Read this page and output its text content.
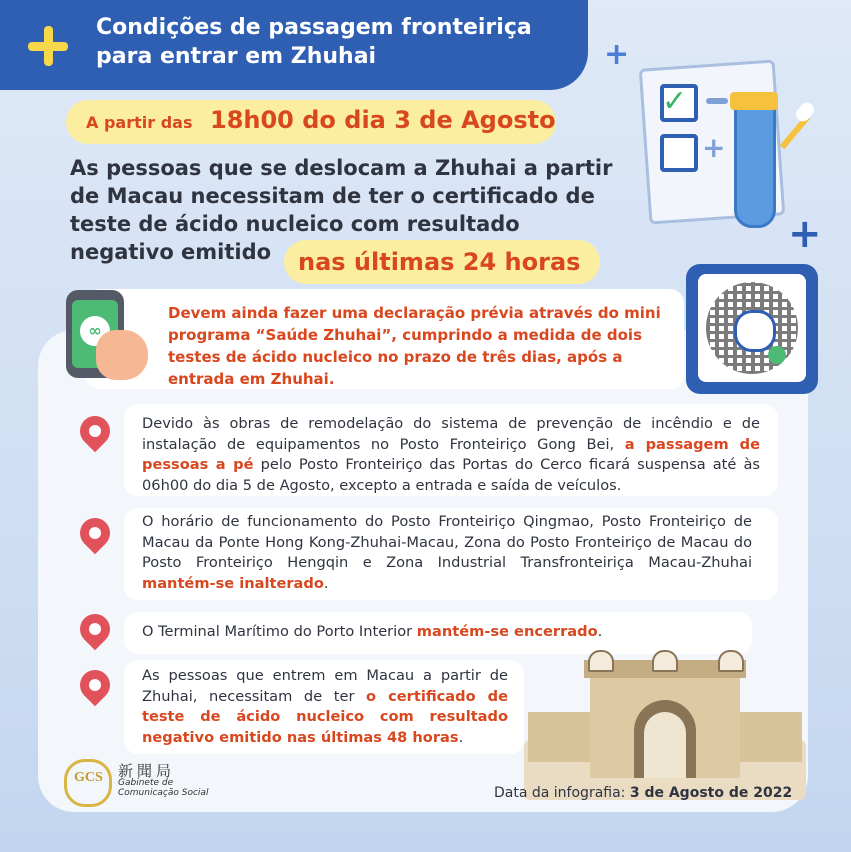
Condições de passagem fronteiriça
para entrar em Zhuhai	+
+
✓
+
A partir das 18h00 do dia 3 de Agosto
As pessoas que se deslocam a Zhuhai a partir de Macau necessitam de ter o certificado de teste de ácido nucleico com resultado negativo emitido	nas últimas 24 horas
Devem ainda fazer uma declaração prévia através do mini programa “Saúde Zhuhai”, cumprindo a medida de dois testes de ácido nucleico no prazo de três dias, após a entrada em Zhuhai.
∞
Devido às obras de remodelação do sistema de prevenção de incêndio e de instalação de equipamentos no Posto Fronteiriço Gong Bei, a passagem de pessoas a pé pelo Posto Fronteiriço das Portas do Cerco ficará suspensa até às 06h00 do dia 5 de Agosto, excepto a entrada e saída de veículos.
O horário de funcionamento do Posto Fronteiriço Qingmao, Posto Fronteiriço de Macau da Ponte Hong Kong-Zhuhai-Macau, Zona do Posto Fronteiriço de Macau do Posto Fronteiriço Hengqin e Zona Industrial Transfronteiriça Macau-Zhuhai mantém-se inalterado.
O Terminal Marítimo do Porto Interior mantém-se encerrado.
As pessoas que entrem em Macau a partir de Zhuhai, necessitam de ter o certificado de teste de ácido nucleico com resultado negativo emitido nas últimas 48 horas.
GCS 新聞局
Gabinete de
Comunicação Social	Data da infografia: 3 de Agosto de 2022
